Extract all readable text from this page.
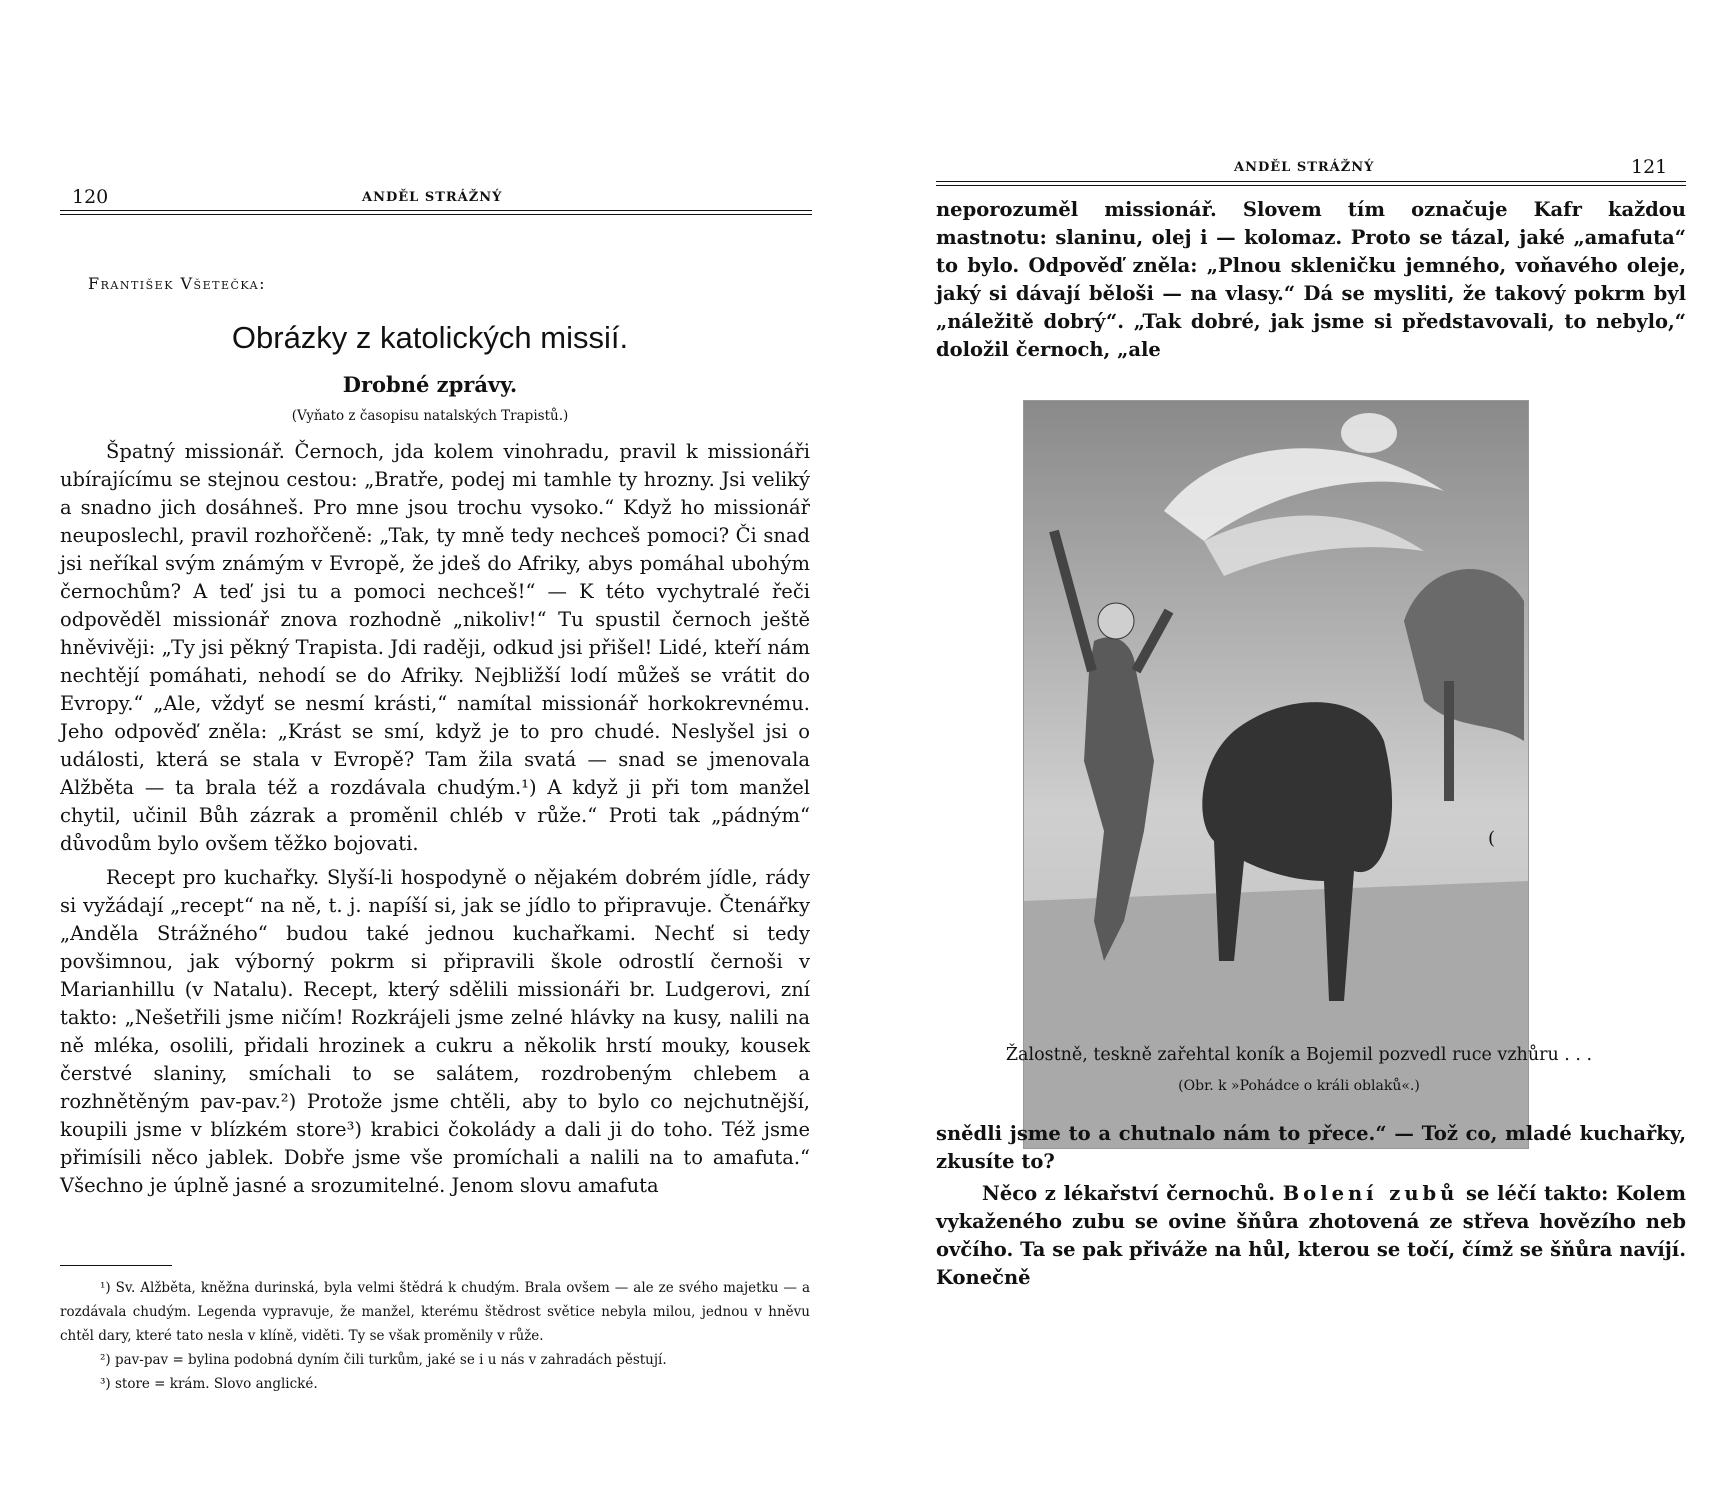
120	ANDĚL STRÁŽNÝ
František Všetečka:
Obrázky z katolických missií.
Drobné zprávy.
(Vyňato z časopisu natalských Trapistů.)

Špatný missionář. Černoch, jda kolem vinohradu, pravil k missionáři ubírajícímu se stejnou cestou: „Bratře, podej mi tamhle ty hrozny. Jsi veliký a snadno jich dosáhneš. Pro mne jsou trochu vysoko.“ Když ho missionář neuposlechl, pravil rozhořčeně: „Tak, ty mně tedy nechceš pomoci? Či snad jsi neříkal svým známým v Evropě, že jdeš do Afriky, abys pomáhal ubohým černochům? A teď jsi tu a pomoci nechceš!“ — K této vychytralé řeči odpověděl missionář znova rozhodně „nikoliv!“ Tu spustil černoch ještě hněvivěji: „Ty jsi pěkný Trapista. Jdi raději, odkud jsi přišel! Lidé, kteří nám nechtějí pomáhati, nehodí se do Afriky. Nejbližší lodí můžeš se vrátit do Evropy.“ „Ale, vždyť se nesmí krásti,“ namítal missionář horkokrevnému. Jeho odpověď zněla: „Krást se smí, když je to pro chudé. Neslyšel jsi o události, která se stala v Evropě? Tam žila svatá — snad se jmenovala Alžběta — ta brala též a rozdávala chudým.¹) A když ji při tom manžel chytil, učinil Bůh zázrak a proměnil chléb v růže.“ Proti tak „pádným“ důvodům bylo ovšem těžko bojovati.

Recept pro kuchařky. Slyší-li hospodyně o nějakém dobrém jídle, rády si vyžádají „recept“ na ně, t. j. napíší si, jak se jídlo to připravuje. Čtenářky „Anděla Strážného“ budou také jednou kuchařkami. Nechť si tedy povšimnou, jak výborný pokrm si připravili škole odrostlí černoši v Marianhillu (v Natalu). Recept, který sdělili missionáři br. Ludgerovi, zní takto: „Nešetřili jsme ničím! Rozkrájeli jsme zelné hlávky na kusy, nalili na ně mléka, osolili, přidali hrozinek a cukru a několik hrstí mouky, kousek čerstvé slaniny, smíchali to se salátem, rozdrobeným chlebem a rozhnětěným pav-pav.²) Protože jsme chtěli, aby to bylo co nejchutnější, koupili jsme v blízkém store³) krabici čokolády a dali ji do toho. Též jsme přimísili něco jablek. Dobře jsme vše promíchali a nalili na to amafuta.“ Všechno je úplně jasné a srozumitelné. Jenom slovu amafuta

¹) Sv. Alžběta, kněžna durinská, byla velmi štědrá k chudým. Brala ovšem — ale ze svého majetku — a rozdávala chudým. Legenda vypravuje, že manžel, kterému štědrost světice nebyla milou, jednou v hněvu chtěl dary, které tato nesla v klíně, viděti. Ty se však proměnily v růže.

²) pav-pav = bylina podobná dyním čili turkům, jaké se i u nás v zahradách pěstují.

³) store = krám. Slovo anglické.

ANDĚL STRÁŽNÝ	121
neporozuměl missionář. Slovem tím označuje Kafr každou mastnotu: slaninu, olej i — kolomaz. Proto se tázal, jaké „amafuta“ to bylo. Odpověď zněla: „Plnou skleničku jemného, voňavého oleje, jaký si dávají běloši — na vlasy.“ Dá se mysliti, že takový pokrm byl „náležitě dobrý“. „Tak dobré, jak jsme si představovali, to nebylo,“ doložil černoch, „ale
Žalostně, teskně zařehtal koník a Bojemil pozvedl ruce vzhůru . . .
(Obr. k »Pohádce o králi oblaků«.)
snědli jsme to a chutnalo nám to přece.“ — Tož co, mladé kuchařky, zkusíte to?

Něco z lékařství černochů. Bolení zubů se léčí takto: Kolem vykaženého zubu se ovine šňůra zhotovená ze střeva hovězího neb ovčího. Ta se pak přiváže na hůl, kterou se točí, čímž se šňůra navíjí. Konečně

(
